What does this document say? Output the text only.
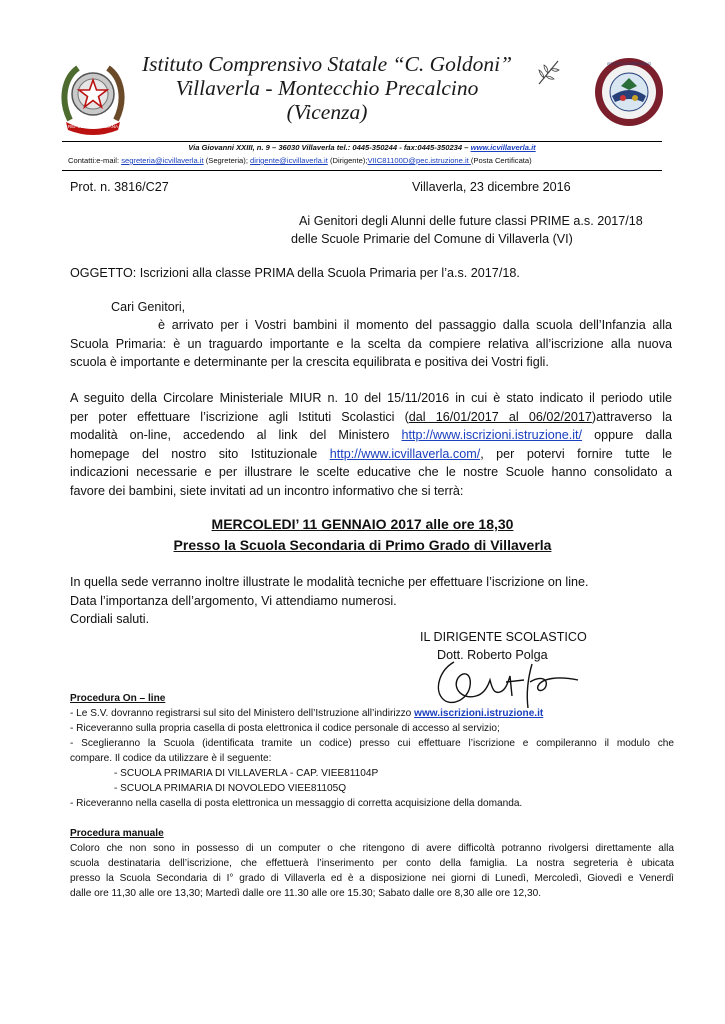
REPUBBLICA ITALIANA
Istituto Comprensivo Statale “C. Goldoni”
Villaverla - Montecchio Precalcino
(Vicenza)
ISTITUTO COMPRENSIVO
Via Giovanni XXIII, n. 9 – 36030 Villaverla tel.: 0445-350244 - fax:0445-350234 – www.icvillaverla.it
Contatti:e-mail: segreteria@icvillaverla.it (Segreteria); dirigente@icvillaverla.it (Dirigente);VIIC81100D@pec.istruzione.it (Posta Certificata)
Prot. n. 3816/C27	Villaverla, 23 dicembre 2016
Ai Genitori degli Alunni delle future classi PRIME a.s. 2017/18
delle Scuole Primarie del Comune di Villaverla (VI)
OGGETTO: Iscrizioni alla classe PRIMA della Scuola Primaria per l’a.s. 2017/18.
Cari Genitori,
è arrivato per i Vostri bambini il momento del passaggio dalla scuola dell’Infanzia alla
Scuola Primaria: è un traguardo importante e la scelta da compiere relativa all’iscrizione alla nuova
scuola è importante e determinante per la crescita equilibrata e positiva dei Vostri figli.
A seguito della Circolare Ministeriale MIUR n. 10 del 15/11/2016 in cui è stato indicato il periodo utile
per poter effettuare l’iscrizione agli Istituti Scolastici (dal 16/01/2017 al 06/02/2017)attraverso la
modalità on-line, accedendo al link del Ministero http://www.iscrizioni.istruzione.it/ oppure dalla
homepage del nostro sito Istituzionale http://www.icvillaverla.com/, per potervi fornire tutte le
indicazioni necessarie e per illustrare le scelte educative che le nostre Scuole hanno consolidato a
favore dei bambini, siete invitati ad un incontro informativo che si terrà:
MERCOLEDI’ 11 GENNAIO 2017 alle ore 18,30
Presso la Scuola Secondaria di Primo Grado di Villaverla
In quella sede verranno inoltre illustrate le modalità tecniche per effettuare l’iscrizione on line.
Data l’importanza dell’argomento, Vi attendiamo numerosi.
Cordiali saluti.
IL DIRIGENTE SCOLASTICO
Dott. Roberto Polga
Procedura On – line
- Le S.V. dovranno registrarsi sul sito del Ministero dell’Istruzione all’indirizzo www.iscrizioni.istruzione.it
- Riceveranno sulla propria casella di posta elettronica il codice personale di accesso al servizio;
- Sceglieranno la Scuola (identificata tramite un codice) presso cui effettuare l’iscrizione e compileranno il modulo che
compare. Il codice da utilizzare è il seguente:
- SCUOLA PRIMARIA DI VILLAVERLA - CAP. VIEE81104P
- SCUOLA PRIMARIA DI NOVOLEDO VIEE81105Q
- Riceveranno nella casella di posta elettronica un messaggio di corretta acquisizione della domanda.
Procedura manuale
Coloro che non sono in possesso di un computer o che ritengono di avere difficoltà potranno rivolgersi direttamente alla
scuola destinataria dell’iscrizione, che effettuerà l’inserimento per conto della famiglia. La nostra segreteria è ubicata
presso la Scuola Secondaria di I° grado di Villaverla ed è a disposizione nei giorni di Lunedì, Mercoledì, Giovedì e Venerdì
dalle ore 11,30 alle ore 13,30; Martedì dalle ore 11.30 alle ore 15.30; Sabato dalle ore 8,30 alle ore 12,30.
